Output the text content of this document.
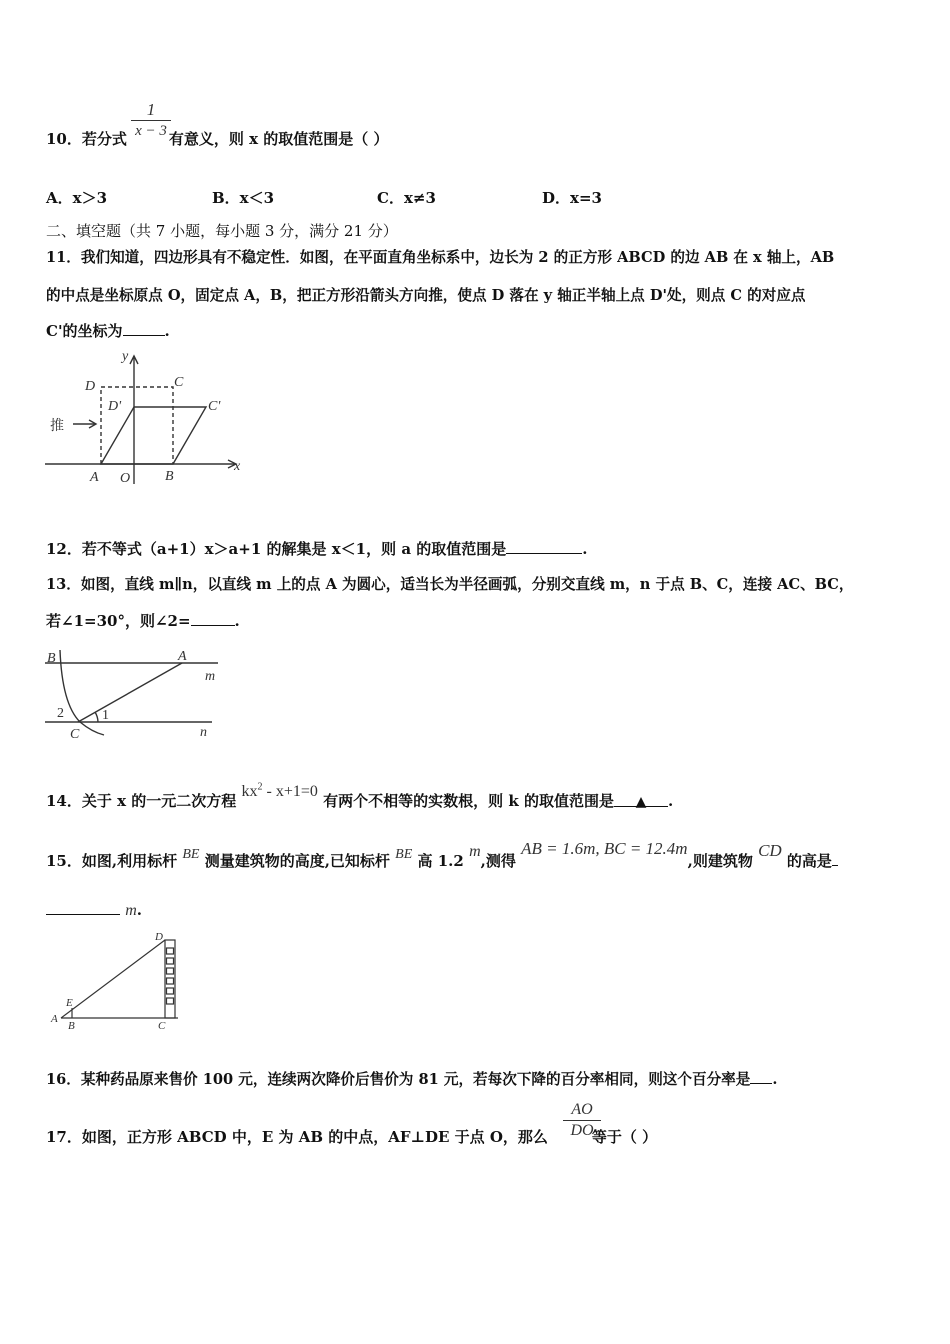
$\frac{1}{x - 3}$
10．若分式	有意义，则 x 的取值范围是（ ）
A．x＞3	B．x＜3	C．x≠3	D．x=3
二、填空题（共 7 小题，每小题 3 分，满分 21 分）
11．我们知道，四边形具有不稳定性．如图，在平面直角坐标系中，边长为 2 的正方形 ABCD 的边 AB 在 x 轴上，AB
的中点是坐标原点 O，固定点 A，B，把正方形沿箭头方向推，使点 D 落在 y 轴正半轴上点 D'处，则点 C 的对应点
C'的坐标为	.
y
x
D	C
D'	C'
A O B
推
12．若不等式（a+1）x＞a+1 的解集是 x＜1，则 a 的取值范围是	.
13．如图，直线 m∥n，以直线 m 上的点 A 为圆心，适当长为半径画弧，分别交直线 m，n 于点 B、C，连接 AC、BC，
若∠1=30°，则∠2=	.
B	A
m
C	n
2	1
14．关于 x 的一元二次方程 $kx^2 - x+1=0$ 有两个不相等的实数根，则 k 的取值范围是 ▲ .
15．如图,利用标杆 BE 测量建筑物的高度,已知标杆 BE 高 1.2 m,测得 AB = 1.6m, BC = 12.4m,则建筑物 CD 的高是
m.
D
E
A
B	C
16．某种药品原来售价 100 元，连续两次降价后售价为 81 元，若每次下降的百分率相同，则这个百分率是 .
$\frac{AO}{DO}$
17．如图，正方形 ABCD 中，E 为 AB 的中点，AF⊥DE 于点 O，那么	等于（ ）
